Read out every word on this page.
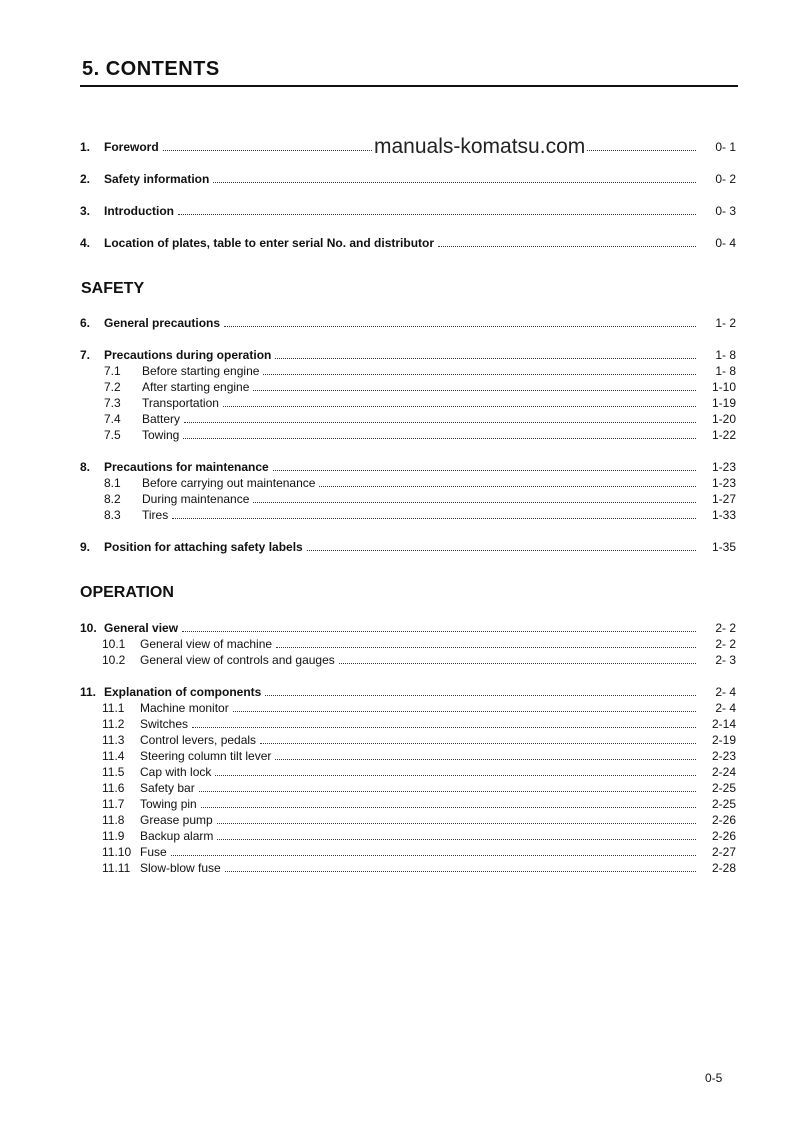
5. CONTENTS
1.	Foreword	0- 1
manuals-komatsu.com
2.	Safety information	0- 2
3.	Introduction	0- 3
4.	Location of plates, table to enter serial No. and distributor	0- 4
SAFETY
6.	General precautions	1- 2
7.	Precautions during operation	1- 8
7.1	Before starting engine	1- 8
7.2	After starting engine	1-10
7.3	Transportation	1-19
7.4	Battery	1-20
7.5	Towing	1-22
8.	Precautions for maintenance	1-23
8.1	Before carrying out maintenance	1-23
8.2	During maintenance	1-27
8.3	Tires	1-33
9.	Position for attaching safety labels	1-35
OPERATION
10. General view	2- 2
10.1	General view of machine	2- 2
10.2	General view of controls and gauges	2- 3
11. Explanation of components	2- 4
11.1	Machine monitor	2- 4
11.2	Switches	2-14
11.3	Control levers, pedals	2-19
11.4	Steering column tilt lever	2-23
11.5	Cap with lock	2-24
11.6	Safety bar	2-25
11.7	Towing pin	2-25
11.8	Grease pump	2-26
11.9	Backup alarm	2-26
11.10 Fuse	2-27
11.11 Slow-blow fuse	2-28
0-5
